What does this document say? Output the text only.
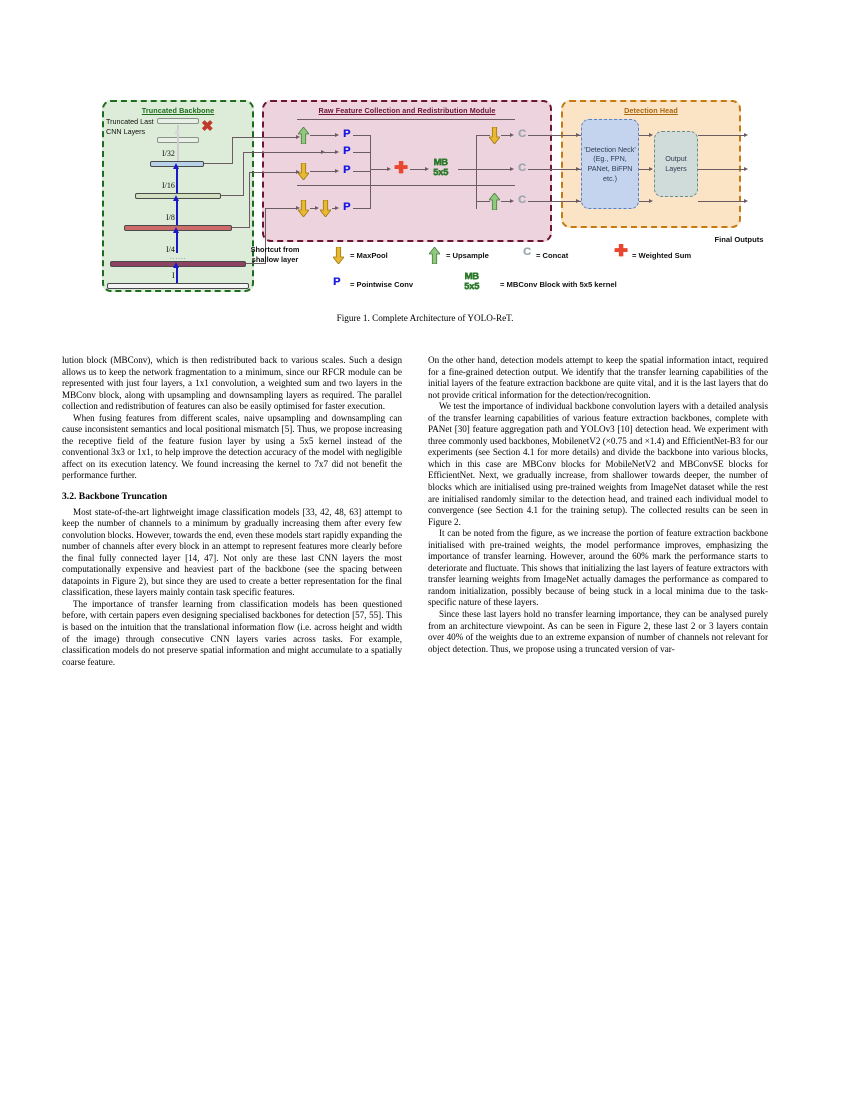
Truncated Backbone
Truncated Last CNN Layers	✖
......
I/32
I/16
I/8
I/4
I
Raw Feature Collection and Redistribution Module	Detection Head
P
P
P
P
✚	MB
5x5
C
C
C
'Detection Neck' (Eg., FPN, PANet, BiFPN etc.)
Output Layers
Final Outputs
Shortcut from shallow layer	= MaxPool	= Upsample	C = Concat	✚ = Weighted Sum
P = Pointwise Conv
MB
5x5	= MBConv Block with 5x5 kernel
Figure 1. Complete Architecture of YOLO-ReT.

lution block (MBConv), which is then redistributed back to various scales. Such a design allows us to keep the network fragmentation to a minimum, since our RFCR module can be represented with just four layers, a 1x1 convolution, a weighted sum and two layers in the MBConv block, along with upsampling and downsampling layers as required. The parallel collection and redistribution of features can also be easily optimised for faster execution.

When fusing features from different scales, naive upsampling and downsampling can cause inconsistent semantics and local positional mismatch [5]. Thus, we propose increasing the receptive field of the feature fusion layer by using a 5x5 kernel instead of the conventional 3x3 or 1x1, to help improve the detection accuracy of the model with negligible affect on its execution latency. We found increasing the kernel to 7x7 did not benefit the performance further.

3.2. Backbone Truncation

Most state-of-the-art lightweight image classification models [33, 42, 48, 63] attempt to keep the number of channels to a minimum by gradually increasing them after every few convolution blocks. However, towards the end, even these models start rapidly expanding the number of channels after every block in an attempt to represent features more clearly before the final fully connected layer [14, 47]. Not only are these last CNN layers the most computationally expensive and heaviest part of the backbone (see the spacing between datapoints in Figure 2), but since they are used to create a better representation for the final classification, these layers mainly contain task specific features.

The importance of transfer learning from classification models has been questioned before, with certain papers even designing specialised backbones for detection [57, 55]. This is based on the intuition that the translational information flow (i.e. across height and width of the image) through consecutive CNN layers varies across tasks. For example, classification models do not preserve spatial information and might accumulate to a spatially coarse feature.

On the other hand, detection models attempt to keep the spatial information intact, required for a fine-grained detection output. We identify that the transfer learning capabilities of the initial layers of the feature extraction backbone are quite vital, and it is the last layers that do not provide critical information for the detection/recognition.

We test the importance of individual backbone convolution layers with a detailed analysis of the transfer learning capabilities of various feature extraction backbones, complete with PANet [30] feature aggregation path and YOLOv3 [10] detection head. We experiment with three commonly used backbones, MobilenetV2 (×0.75 and ×1.4) and EfficientNet-B3 for our experiments (see Section 4.1 for more details) and divide the backbone into various blocks, which in this case are MBConv blocks for MobileNetV2 and MBConvSE blocks for EfficientNet. Next, we gradually increase, from shallower towards deeper, the number of blocks which are initialised using pre-trained weights from ImageNet dataset while the rest are initialised randomly similar to the detection head, and trained each individual model to convergence (see Section 4.1 for the training setup). The collected results can be seen in Figure 2.

It can be noted from the figure, as we increase the portion of feature extraction backbone initialised with pre-trained weights, the model performance improves, emphasizing the importance of transfer learning. However, around the 60% mark the performance starts to deteriorate and fluctuate. This shows that initializing the last layers of feature extractors with transfer learning weights from ImageNet actually damages the performance as compared to random initialization, possibly because of being stuck in a local minima due to the task-specific nature of these layers.

Since these last layers hold no transfer learning importance, they can be analysed purely from an architecture viewpoint. As can be seen in Figure 2, these last 2 or 3 layers contain over 40% of the weights due to an extreme expansion of number of channels not relevant for object detection. Thus, we propose using a truncated version of var-
